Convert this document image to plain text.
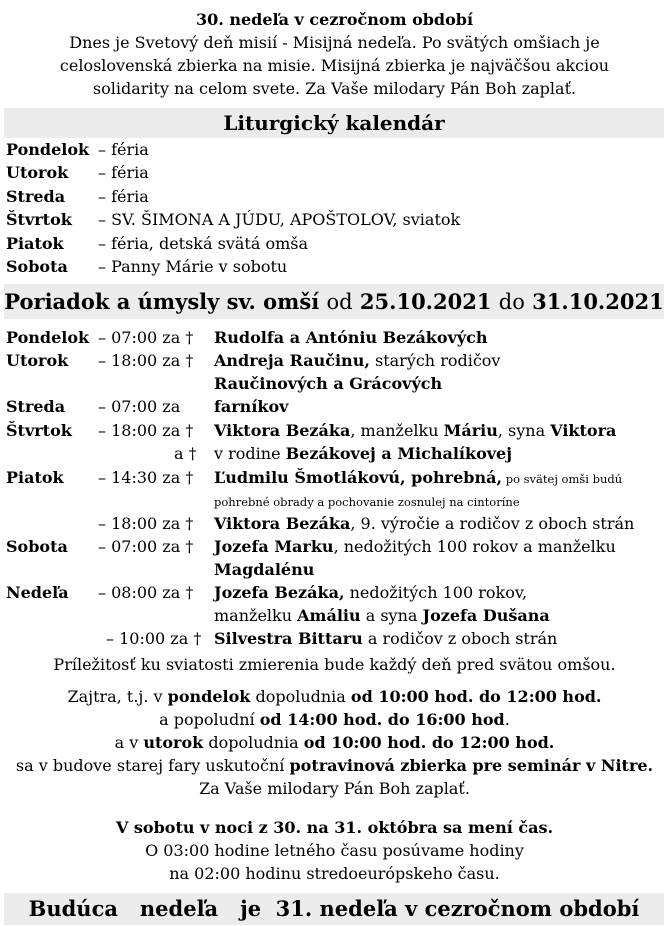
30. nedeľa v cezročnom období
Dnes je Svetový deň misií - Misijná nedeľa. Po svätých omšiach je
celoslovenská zbierka na misie. Misijná zbierka je najväčšou akciou
solidarity na celom svete. Za Vaše milodary Pán Boh zaplať.
Liturgický kalendár
Pondelok – féria
Utorok – féria
Streda – féria
Štvrtok – SV. ŠIMONA A JÚDU, APOŠTOLOV, sviatok
Piatok – féria, detská svätá omša
Sobota – Panny Márie v sobotu
Poriadok a úmysly sv. omší od 25.10.2021 do 31.10.2021
Pondelok – 07:00 za † Rudolfa a Antóniu Bezákových
Utorok – 18:00 za † Andreja Raučinu, starých rodičov
Raučinových a Grácových
Streda – 07:00 za farníkov
Štvrtok – 18:00 za † Viktora Bezáka, manželku Máriu, syna Viktora
a † v rodine Bezákovej a Michalíkovej
Piatok – 14:30 za † Ľudmilu Šmotlákovú, pohrebná, po svätej omši budú
pohrebné obrady a pochovanie zosnulej na cintoríne
– 18:00 za † Viktora Bezáka, 9. výročie a rodičov z oboch strán
Sobota – 07:00 za † Jozefa Marku, nedožitých 100 rokov a manželku
Magdalénu
Nedeľa – 08:00 za † Jozefa Bezáka, nedožitých 100 rokov,
manželku Amáliu a syna Jozefa Dušana
– 10:00 za † Silvestra Bittaru a rodičov z oboch strán
Príležitosť ku sviatosti zmierenia bude každý deň pred svätou omšou.
Zajtra, t.j. v pondelok dopoludnia od 10:00 hod. do 12:00 hod.
a popoludní od 14:00 hod. do 16:00 hod.
a v utorok dopoludnia od 10:00 hod. do 12:00 hod.
sa v budove starej fary uskutoční potravinová zbierka pre seminár v Nitre.
Za Vaše milodary Pán Boh zaplať.
V sobotu v noci z 30. na 31. októbra sa mení čas.
O 03:00 hodine letného času posúvame hodiny
na 02:00 hodinu stredoeurópskeho času.
Budúca   nedeľa   je  31. nedeľa v cezročnom období
